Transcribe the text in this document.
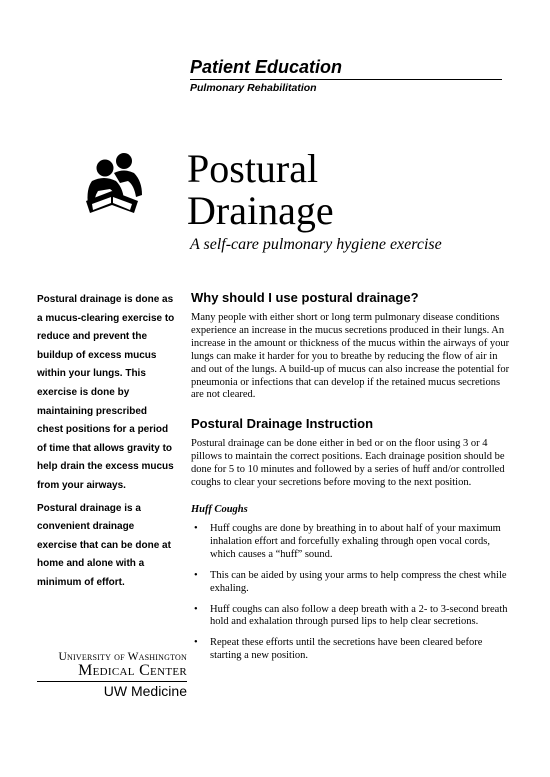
Patient Education
Pulmonary Rehabilitation
Postural
Drainage
A self-care pulmonary hygiene exercise

Postural drainage is done as a mucus-clearing exercise to reduce and prevent the buildup of excess mucus within your lungs. This exercise is done by maintaining prescribed chest positions for a period of time that allows gravity to help drain the excess mucus from your airways.

Postural drainage is a convenient drainage exercise that can be done at home and alone with a minimum of effort.

Why should I use postural drainage?

Many people with either short or long term pulmonary disease conditions experience an increase in the mucus secretions produced in their lungs. An increase in the amount or thickness of the mucus within the airways of your lungs can make it harder for you to breathe by reducing the flow of air in and out of the lungs. A build-up of mucus can also increase the potential for pneumonia or infections that can develop if the retained mucus secretions are not cleared.

Postural Drainage Instruction

Postural drainage can be done either in bed or on the floor using 3 or 4 pillows to maintain the correct positions. Each drainage position should be done for 5 to 10 minutes and followed by a series of huff and/or controlled coughs to clear your secretions before moving to the next position.

Huff Coughs
• Huff coughs are done by breathing in to about half of your maximum inhalation effort and forcefully exhaling through open vocal cords, which causes a “huff” sound.
• This can be aided by using your arms to help compress the chest while exhaling.
• Huff coughs can also follow a deep breath with a 2- to 3-second breath hold and exhalation through pursed lips to help clear secretions.
• Repeat these efforts until the secretions have been cleared before starting a new position.
University of Washington
Medical Center
UW Medicine
